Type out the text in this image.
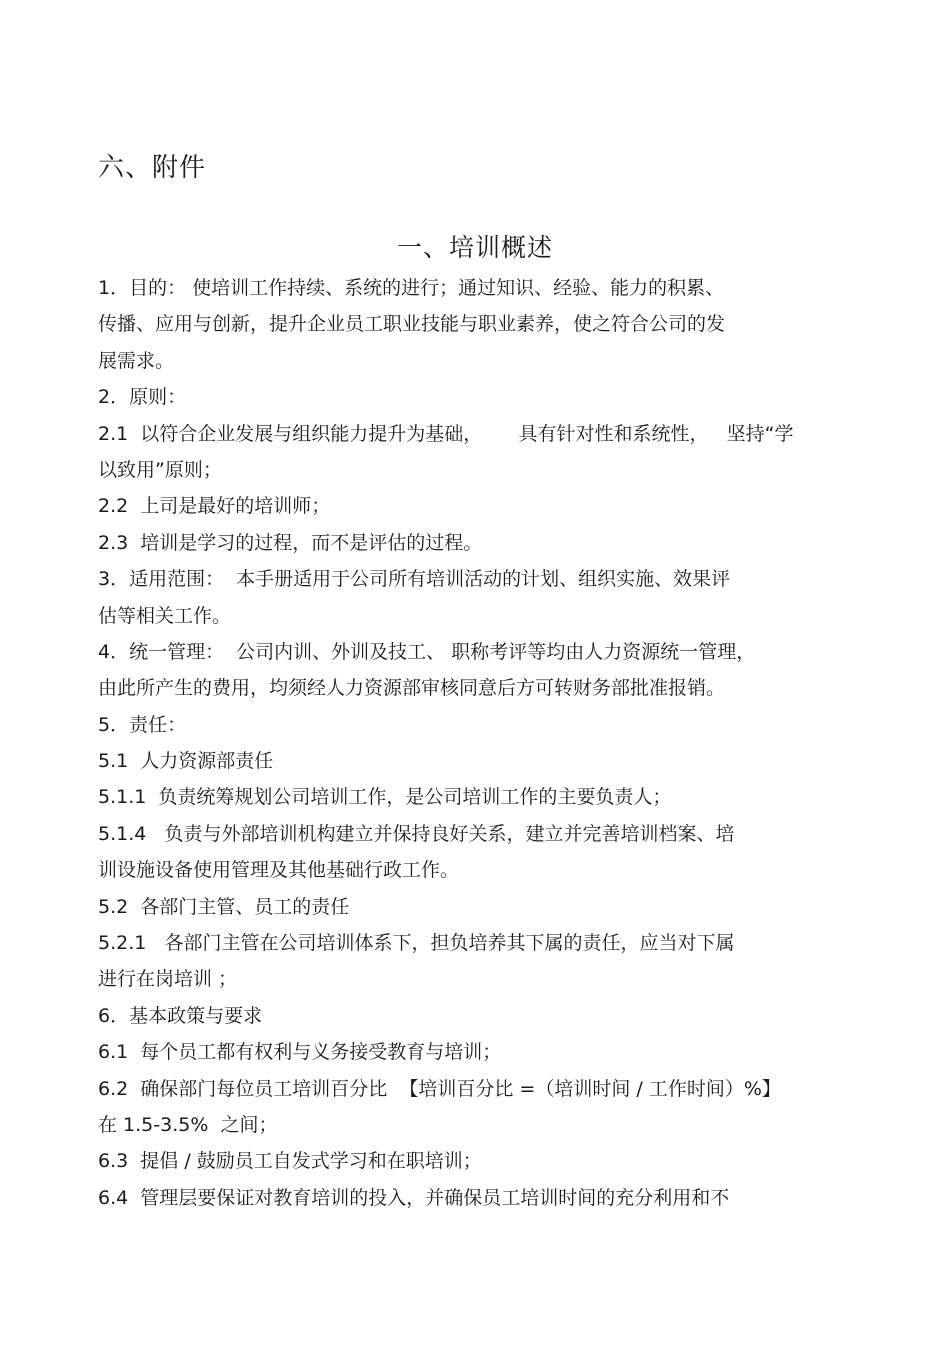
六、附件
一、培训概述
1．目的： 使培训工作持续、系统的进行；通过知识、经验、能力的积累、
传播、应用与创新，提升企业员工职业技能与职业素养，使之符合公司的发
展需求。
2．原则：
2.1  以符合企业发展与组织能力提升为基础，      具有针对性和系统性，   坚持“学
以致用”原则；
2.2  上司是最好的培训师；
2.3  培训是学习的过程，而不是评估的过程。
3．适用范围：  本手册适用于公司所有培训活动的计划、组织实施、效果评
估等相关工作。
4．统一管理：  公司内训、外训及技工、 职称考评等均由人力资源统一管理，
由此所产生的费用，均须经人力资源部审核同意后方可转财务部批准报销。
5．责任：
5.1  人力资源部责任
5.1.1  负责统筹规划公司培训工作，是公司培训工作的主要负责人；
5.1.4   负责与外部培训机构建立并保持良好关系，建立并完善培训档案、培
训设施设备使用管理及其他基础行政工作。
5.2  各部门主管、员工的责任
5.2.1   各部门主管在公司培训体系下，担负培养其下属的责任，应当对下属
进行在岗培训 ；
6．基本政策与要求
6.1  每个员工都有权利与义务接受教育与培训；
6.2  确保部门每位员工培训百分比  【培训百分比 =（培训时间 / 工作时间）%】
在 1.5-3.5%  之间；
6.3  提倡 / 鼓励员工自发式学习和在职培训；
6.4  管理层要保证对教育培训的投入，并确保员工培训时间的充分利用和不
